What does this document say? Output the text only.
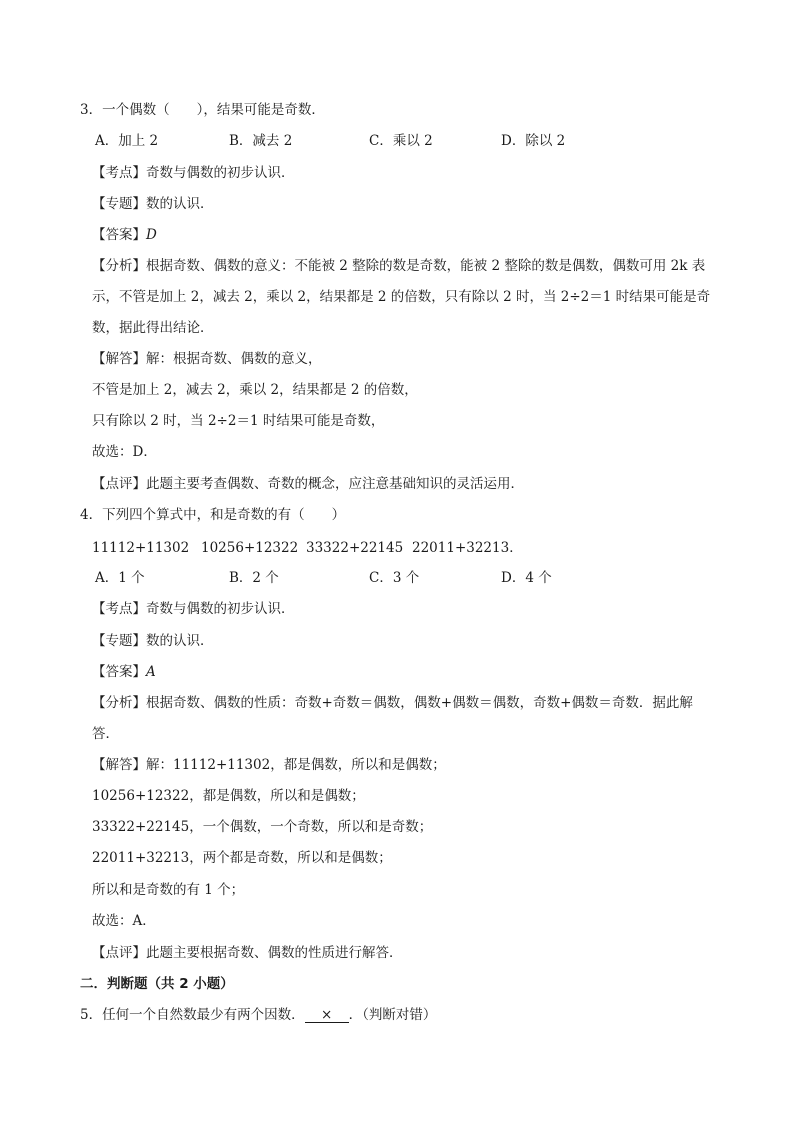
3．一个偶数（　　），结果可能是奇数．
A．加上 2	B．减去 2	C．乘以 2	D．除以 2
【考点】奇数与偶数的初步认识．
【专题】数的认识．
【答案】D
【分析】根据奇数、偶数的意义：不能被 2 整除的数是奇数，能被 2 整除的数是偶数，偶数可用 2k 表
示，不管是加上 2，减去 2，乘以 2，结果都是 2 的倍数，只有除以 2 时，当 2÷2＝1 时结果可能是奇
数，据此得出结论．
【解答】解：根据奇数、偶数的意义，
不管是加上 2，减去 2，乘以 2，结果都是 2 的倍数，
只有除以 2 时，当 2÷2＝1 时结果可能是奇数，
故选：D．
【点评】此题主要考查偶数、奇数的概念，应注意基础知识的灵活运用．
4．下列四个算式中，和是奇数的有（　　）
11112+11302 10256+12322 33322+22145 22011+32213．
A．1 个	B．2 个	C．3 个	D．4 个
【考点】奇数与偶数的初步认识．
【专题】数的认识．
【答案】A
【分析】根据奇数、偶数的性质：奇数+奇数＝偶数，偶数+偶数＝偶数，奇数+偶数＝奇数．据此解
答．
【解答】解：11112+11302，都是偶数，所以和是偶数；
10256+12322，都是偶数，所以和是偶数；
33322+22145，一个偶数，一个奇数，所以和是奇数；
22011+32213，两个都是奇数，所以和是偶数；
所以和是奇数的有 1 个；
故选：A．
【点评】此题主要根据奇数、偶数的性质进行解答．
二．判断题（共 2 小题）
5．任何一个自然数最少有两个因数． × ．（判断对错）
